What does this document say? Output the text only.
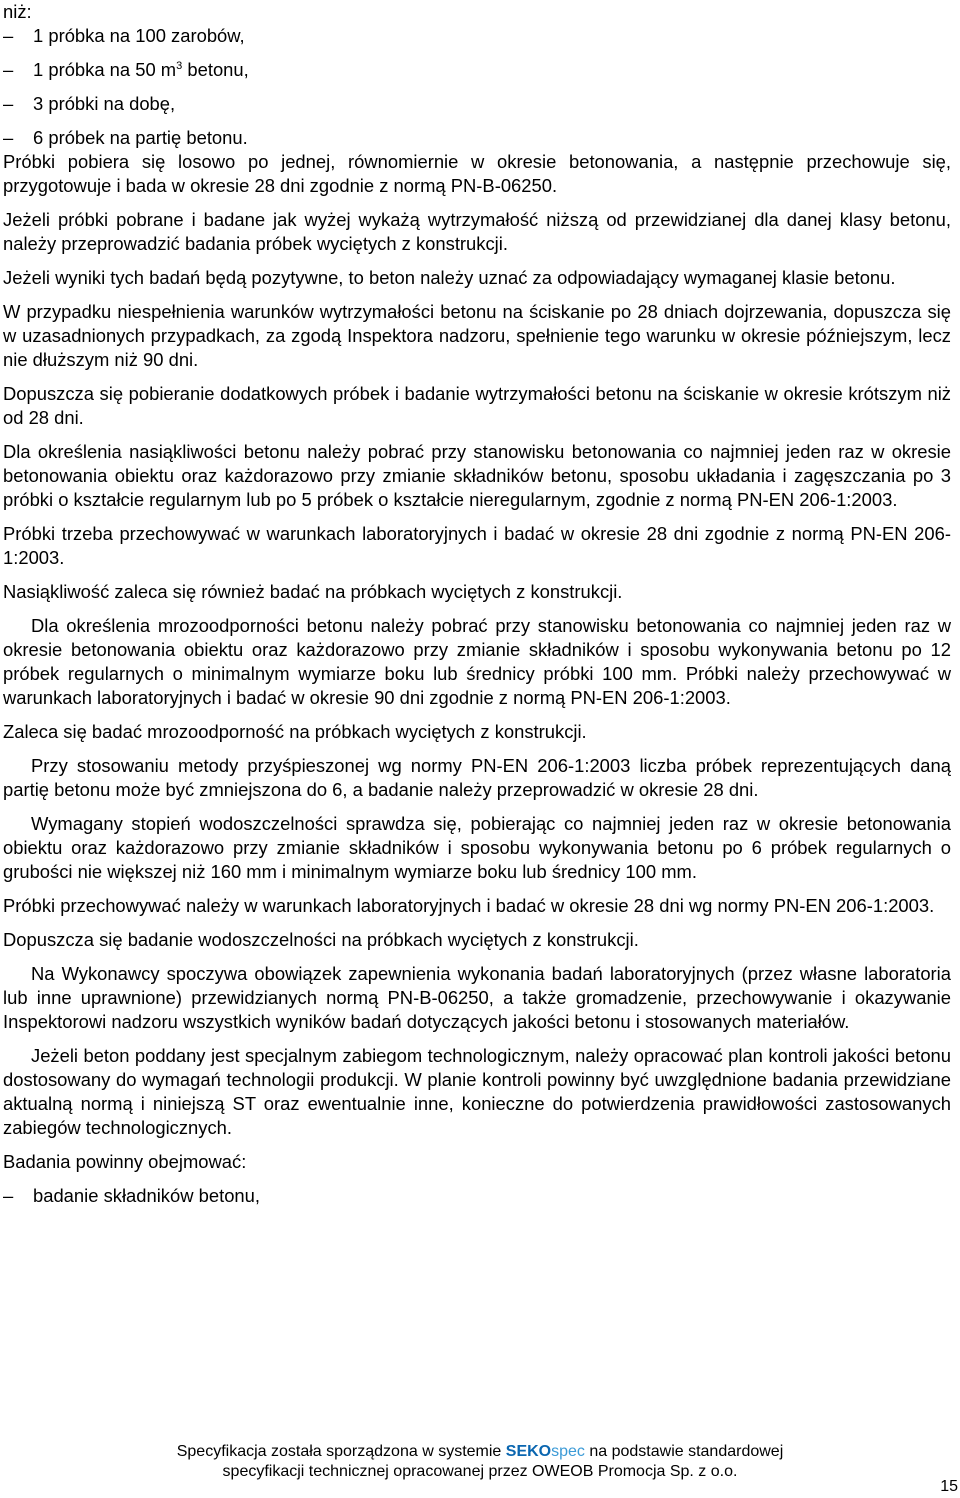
niż:

–	1 próbka na 100 zarobów,
–	1 próbka na 50 $m^3$ betonu,
–	3 próbki na dobę,
–	6 próbek na partię betonu.

Próbki pobiera się losowo po jednej, równomiernie w okresie betonowania, a następnie przechowuje się, przygotowuje i bada w okresie 28 dni zgodnie z normą PN-B-06250.

Jeżeli próbki pobrane i badane jak wyżej wykażą wytrzymałość niższą od przewidzianej dla danej klasy betonu, należy przeprowadzić badania próbek wyciętych z konstrukcji.

Jeżeli wyniki tych badań będą pozytywne, to beton należy uznać za odpowiadający wymaganej klasie betonu.

W przypadku niespełnienia warunków wytrzymałości betonu na ściskanie po 28 dniach dojrzewania, dopuszcza się w uzasadnionych przypadkach, za zgodą Inspektora nadzoru, spełnienie tego warunku w okresie późniejszym, lecz nie dłuższym niż 90 dni.

Dopuszcza się pobieranie dodatkowych próbek i badanie wytrzymałości betonu na ściskanie w okresie krótszym niż od 28 dni.

Dla określenia nasiąkliwości betonu należy pobrać przy stanowisku betonowania co najmniej jeden raz w okresie betonowania obiektu oraz każdorazowo przy zmianie składników betonu, sposobu układania i zagęszczania po 3 próbki o kształcie regularnym lub po 5 próbek o kształcie nieregularnym, zgodnie z normą PN-EN 206-1:2003.

Próbki trzeba przechowywać w warunkach laboratoryjnych i badać w okresie 28 dni zgodnie z normą PN-EN 206-1:2003.

Nasiąkliwość zaleca się również badać na próbkach wyciętych z konstrukcji.

Dla określenia mrozoodporności betonu należy pobrać przy stanowisku betonowania co najmniej jeden raz w okresie betonowania obiektu oraz każdorazowo przy zmianie składników i sposobu wykonywania betonu po 12 próbek regularnych o minimalnym wymiarze boku lub średnicy próbki 100 mm. Próbki należy przechowywać w warunkach laboratoryjnych i badać w okresie 90 dni zgodnie z normą PN-EN 206-1:2003.

Zaleca się badać mrozoodporność na próbkach wyciętych z konstrukcji.

Przy stosowaniu metody przyśpieszonej wg normy PN-EN 206-1:2003 liczba próbek reprezentujących daną partię betonu może być zmniejszona do 6, a badanie należy przeprowadzić w okresie 28 dni.

Wymagany stopień wodoszczelności sprawdza się, pobierając co najmniej jeden raz w okresie betonowania obiektu oraz każdorazowo przy zmianie składników i sposobu wykonywania betonu po 6 próbek regularnych o grubości nie większej niż 160 mm i minimalnym wymiarze boku lub średnicy 100 mm.

Próbki przechowywać należy w warunkach laboratoryjnych i badać w okresie 28 dni wg normy PN-EN 206-1:2003.

Dopuszcza się badanie wodoszczelności na próbkach wyciętych z konstrukcji.

Na Wykonawcy spoczywa obowiązek zapewnienia wykonania badań laboratoryjnych (przez własne laboratoria lub inne uprawnione) przewidzianych normą PN-B-06250, a także gromadzenie, przechowywanie i okazywanie Inspektorowi nadzoru wszystkich wyników badań dotyczących jakości betonu i stosowanych materiałów.

Jeżeli beton poddany jest specjalnym zabiegom technologicznym, należy opracować plan kontroli jakości betonu dostosowany do wymagań technologii produkcji. W planie kontroli powinny być uwzględnione badania przewidziane aktualną normą i niniejszą ST oraz ewentualnie inne, konieczne do potwierdzenia prawidłowości zastosowanych zabiegów technologicznych.

Badania powinny obejmować:

–	badanie składników betonu,
Specyfikacja została sporządzona w systemie SEKOspec na podstawie standardowej
specyfikacji technicznej opracowanej przez OWEOB Promocja Sp. z o.o.
15
